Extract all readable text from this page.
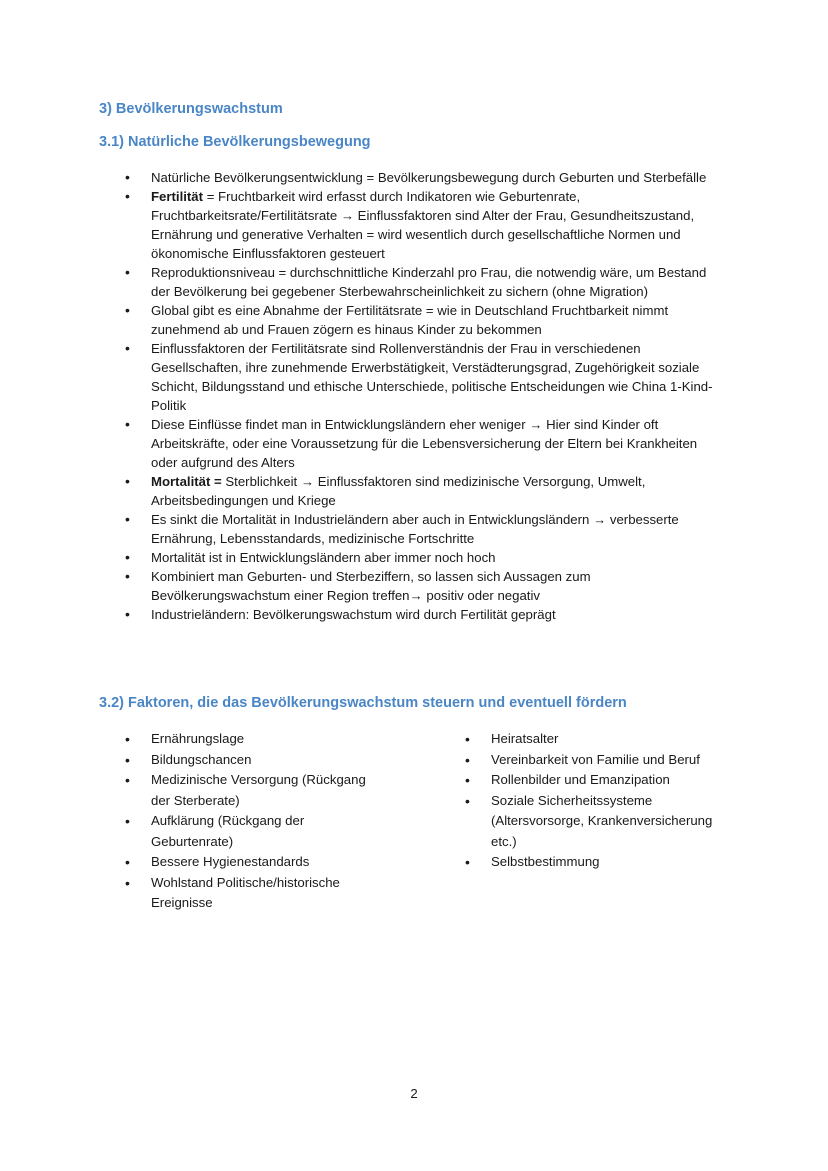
3) Bevölkerungswachstum
3.1) Natürliche Bevölkerungsbewegung
• Natürliche Bevölkerungsentwicklung = Bevölkerungsbewegung durch Geburten und Sterbefälle
• Fertilität = Fruchtbarkeit wird erfasst durch Indikatoren wie Geburtenrate, Fruchtbarkeitsrate/Fertilitätsrate → Einflussfaktoren sind Alter der Frau, Gesundheitszustand, Ernährung und generative Verhalten = wird wesentlich durch gesellschaftliche Normen und ökonomische Einflussfaktoren gesteuert
• Reproduktionsniveau = durchschnittliche Kinderzahl pro Frau, die notwendig wäre, um Bestand der Bevölkerung bei gegebener Sterbewahrscheinlichkeit zu sichern (ohne Migration)
• Global gibt es eine Abnahme der Fertilitätsrate = wie in Deutschland Fruchtbarkeit nimmt zunehmend ab und Frauen zögern es hinaus Kinder zu bekommen
• Einflussfaktoren der Fertilitätsrate sind Rollenverständnis der Frau in verschiedenen Gesellschaften, ihre zunehmende Erwerbstätigkeit, Verstädterungsgrad, Zugehörigkeit soziale Schicht, Bildungsstand und ethische Unterschiede, politische Entscheidungen wie China 1-Kind-Politik
• Diese Einflüsse findet man in Entwicklungsländern eher weniger → Hier sind Kinder oft Arbeitskräfte, oder eine Voraussetzung für die Lebensversicherung der Eltern bei Krankheiten oder aufgrund des Alters
• Mortalität = Sterblichkeit → Einflussfaktoren sind medizinische Versorgung, Umwelt, Arbeitsbedingungen und Kriege
• Es sinkt die Mortalität in Industrieländern aber auch in Entwicklungsländern → verbesserte Ernährung, Lebensstandards, medizinische Fortschritte
• Mortalität ist in Entwicklungsländern aber immer noch hoch
• Kombiniert man Geburten- und Sterbeziffern, so lassen sich Aussagen zum Bevölkerungswachstum einer Region treffen→ positiv oder negativ
• Industrieländern: Bevölkerungswachstum wird durch Fertilität geprägt
3.2) Faktoren, die das Bevölkerungswachstum steuern und eventuell fördern
• Ernährungslage
• Bildungschancen
• Medizinische Versorgung (Rückgang der Sterberate)
• Aufklärung (Rückgang der Geburtenrate)
• Bessere Hygienestandards
• Wohlstand Politische/historische Ereignisse
• Heiratsalter
• Vereinbarkeit von Familie und Beruf
• Rollenbilder und Emanzipation
• Soziale Sicherheitssysteme (Altersvorsorge, Krankenversicherung etc.)
• Selbstbestimmung
2
